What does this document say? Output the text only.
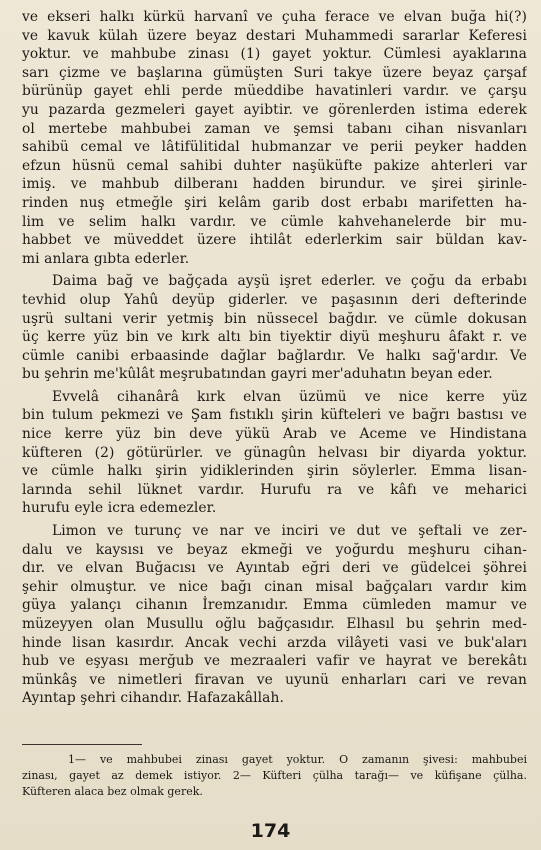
ve ekseri halkı kürkü harvanî ve çuha ferace ve elvan buğa hi(?)
ve kavuk külah üzere beyaz destari Muhammedi sararlar Keferesi
yoktur. ve mahbube zinası (1) gayet yoktur. Cümlesi ayaklarına
sarı çizme ve başlarına gümüşten Suri takye üzere beyaz çarşaf
bürünüp gayet ehli perde müeddibe havatinleri vardır. ve çarşu
yu pazarda gezmeleri gayet ayibtir. ve görenlerden istima ederek
ol mertebe mahbubei zaman ve şemsi tabanı cihan nisvanları
sahibü cemal ve lâtifülitidal hubmanzar ve perii peyker hadden
efzun hüsnü cemal sahibi duhter naşüküfte pakize ahterleri var
imiş. ve mahbub dilberanı hadden birundur. ve şirei şirinle-
rinden nuş etmeğle şiri kelâm garib dost erbabı marifetten ha-
lim ve selim halkı vardır. ve cümle kahvehanelerde bir mu-
habbet ve müveddet üzere ihtilât ederlerkim sair büldan kav-
mi anlara gıbta ederler.
Daima bağ ve bağçada ayşü işret ederler. ve çoğu da erbabı
tevhid olup Yahû deyüp giderler. ve paşasının deri defterinde
uşrü sultani verir yetmiş bin nüssecel bağdır. ve cümle dokusan
üç kerre yüz bin ve kırk altı bin tiyektir diyü meşhuru âfakt r. ve
cümle canibi erbaasinde dağlar bağlardır. Ve halkı sağ'ardır. Ve
bu şehrin me'kûlât meşrubatından gayri mer'aduhatın beyan eder.
Evvelâ cihanârâ kırk elvan üzümü ve nice kerre yüz
bin tulum pekmezi ve Şam fıstıklı şirin küfteleri ve bağrı bastısı ve
nice kerre yüz bin deve yükü Arab ve Aceme ve Hindistana
küfteren (2) götürürler. ve günagûn helvası bir diyarda yoktur.
ve cümle halkı şirin yidiklerinden şirin söylerler. Emma lisan-
larında sehil lüknet vardır. Hurufu ra ve kâfı ve meharici
hurufu eyle icra edemezler.
Limon ve turunç ve nar ve inciri ve dut ve şeftali ve zer-
dalu ve kaysısı ve beyaz ekmeği ve yoğurdu meşhuru cihan-
dır. ve elvan Buğacısı ve Ayıntab eğri deri ve güdelcei şöhrei
şehir olmuştur. ve nice bağı cinan misal bağçaları vardır kim
güya yalançı cihanın İremzanıdır. Emma cümleden mamur ve
müzeyyen olan Musullu oğlu bağçasıdır. Elhasıl bu şehrin med-
hinde lisan kasırdır. Ancak vechi arzda vilâyeti vasi ve buk'aları
hub ve eşyası merğub ve mezraaleri vafir ve hayrat ve berekâtı
münkâş ve nimetleri firavan ve uyunü enharları cari ve revan
Ayıntap şehri cihandır. Hafazakâllah.
1— ve mahbubei zinası gayet yoktur. O zamanın şivesi: mahbubei
zinası, gayet az demek istiyor. 2— Küfteri çülha tarağı— ve küfişane çülha.
Küfteren alaca bez olmak gerek.
174
